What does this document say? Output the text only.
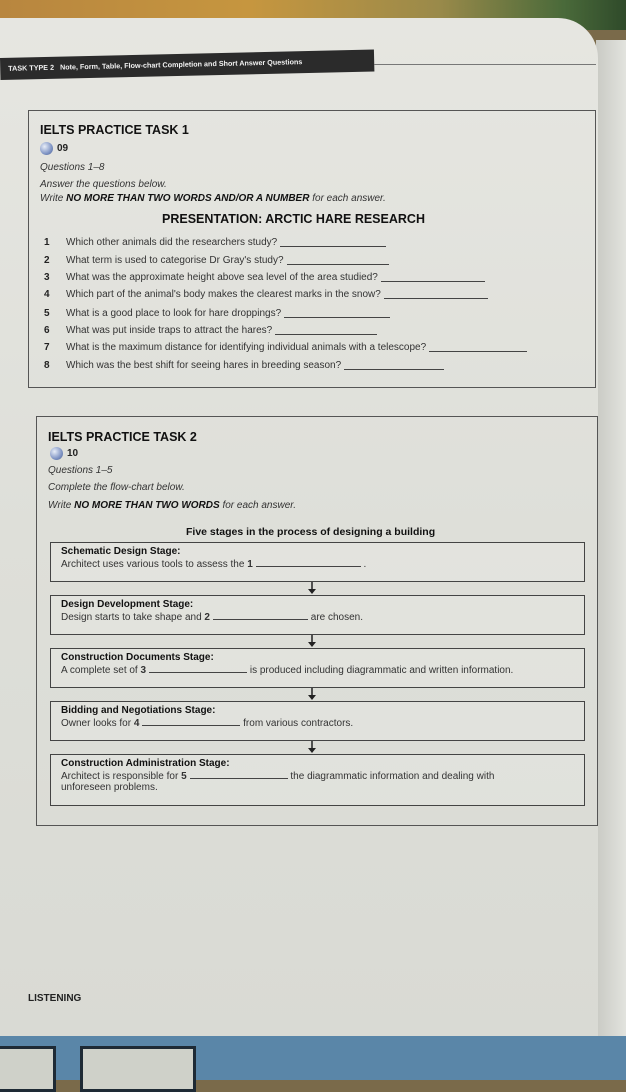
TASK TYPE 2 Note, Form, Table, Flow-chart Completion and Short Answer Questions
IELTS PRACTICE TASK 1
09
Questions 1–8
Answer the questions below.
Write NO MORE THAN TWO WORDS AND/OR A NUMBER for each answer.
PRESENTATION: ARCTIC HARE RESEARCH
1	Which other animals did the researchers study?
2	What term is used to categorise Dr Gray's study?
3	What was the approximate height above sea level of the area studied?
4	Which part of the animal's body makes the clearest marks in the snow?
5	What is a good place to look for hare droppings?
6	What was put inside traps to attract the hares?
7	What is the maximum distance for identifying individual animals with a telescope?
8	Which was the best shift for seeing hares in breeding season?
IELTS PRACTICE TASK 2
10
Questions 1–5
Complete the flow-chart below.
Write NO MORE THAN TWO WORDS for each answer.
Five stages in the process of designing a building
Schematic Design Stage:
Architect uses various tools to assess the 1	.
Design Development Stage:
Design starts to take shape and 2	are chosen.
Construction Documents Stage:
A complete set of 3	is produced including diagrammatic and written information.
Bidding and Negotiations Stage:
Owner looks for 4	from various contractors.
Construction Administration Stage:
Architect is responsible for 5	the diagrammatic information and dealing with
unforeseen problems.
LISTENING
